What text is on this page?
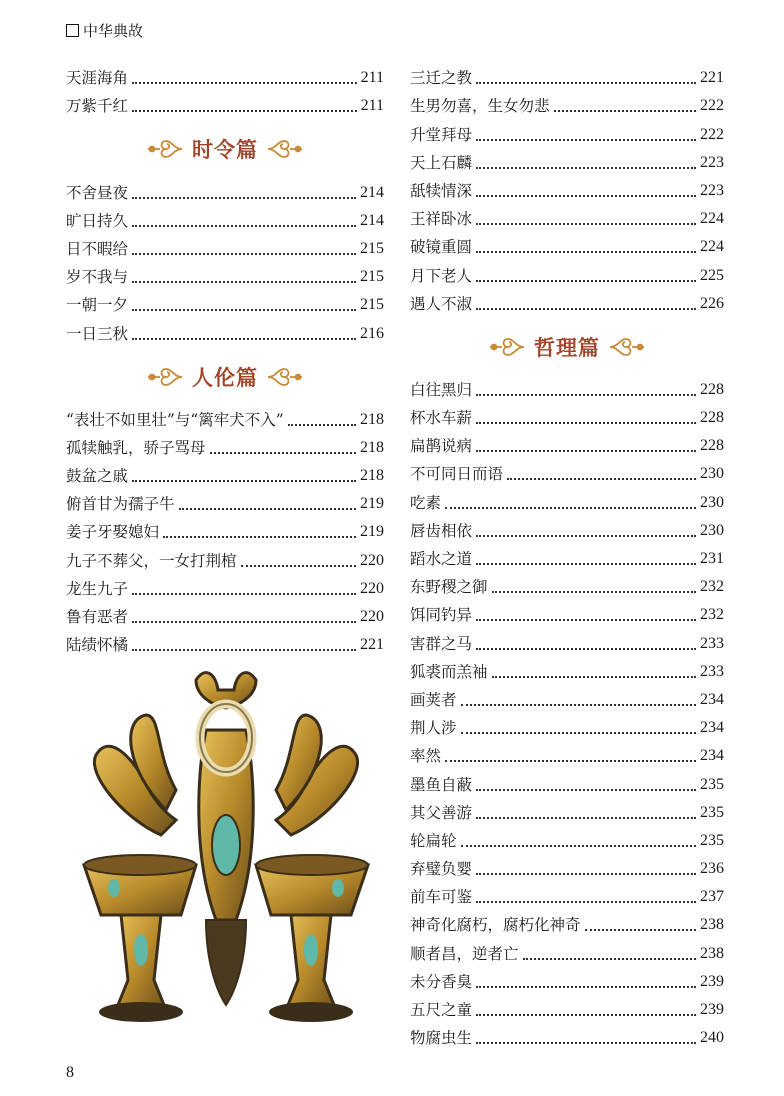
中华典故
天涯海角	211
万紫千红	211
时令篇
不舍昼夜	214
旷日持久	214
日不暇给	215
岁不我与	215
一朝一夕	215
一日三秋	216
人伦篇
“表壮不如里壮”与“篱牢犬不入”	218
孤犊触乳，骄子骂母	218
鼓盆之戚	218
俯首甘为孺子牛	219
姜子牙娶媳妇	219
九子不葬父，一女打荆棺	220
龙生九子	220
鲁有恶者	220
陆绩怀橘	221
三迁之教	221
生男勿喜，生女勿悲	222
升堂拜母	222
天上石麟	223
舐犊情深	223
王祥卧冰	224
破镜重圆	224
月下老人	225
遇人不淑	226
哲理篇
白往黑归	228
杯水车薪	228
扁鹊说病	228
不可同日而语	230
吃素	230
唇齿相依	230
蹈水之道	231
东野稷之御	232
饵同钓异	232
害群之马	233
狐裘而羔袖	233
画荚者	234
荆人涉	234
率然	234
墨鱼自蔽	235
其父善游	235
轮扁轮	235
弃璧负婴	236
前车可鉴	237
神奇化腐朽，腐朽化神奇	238
顺者昌，逆者亡	238
未分香臭	239
五尺之童	239
物腐虫生	240
8
